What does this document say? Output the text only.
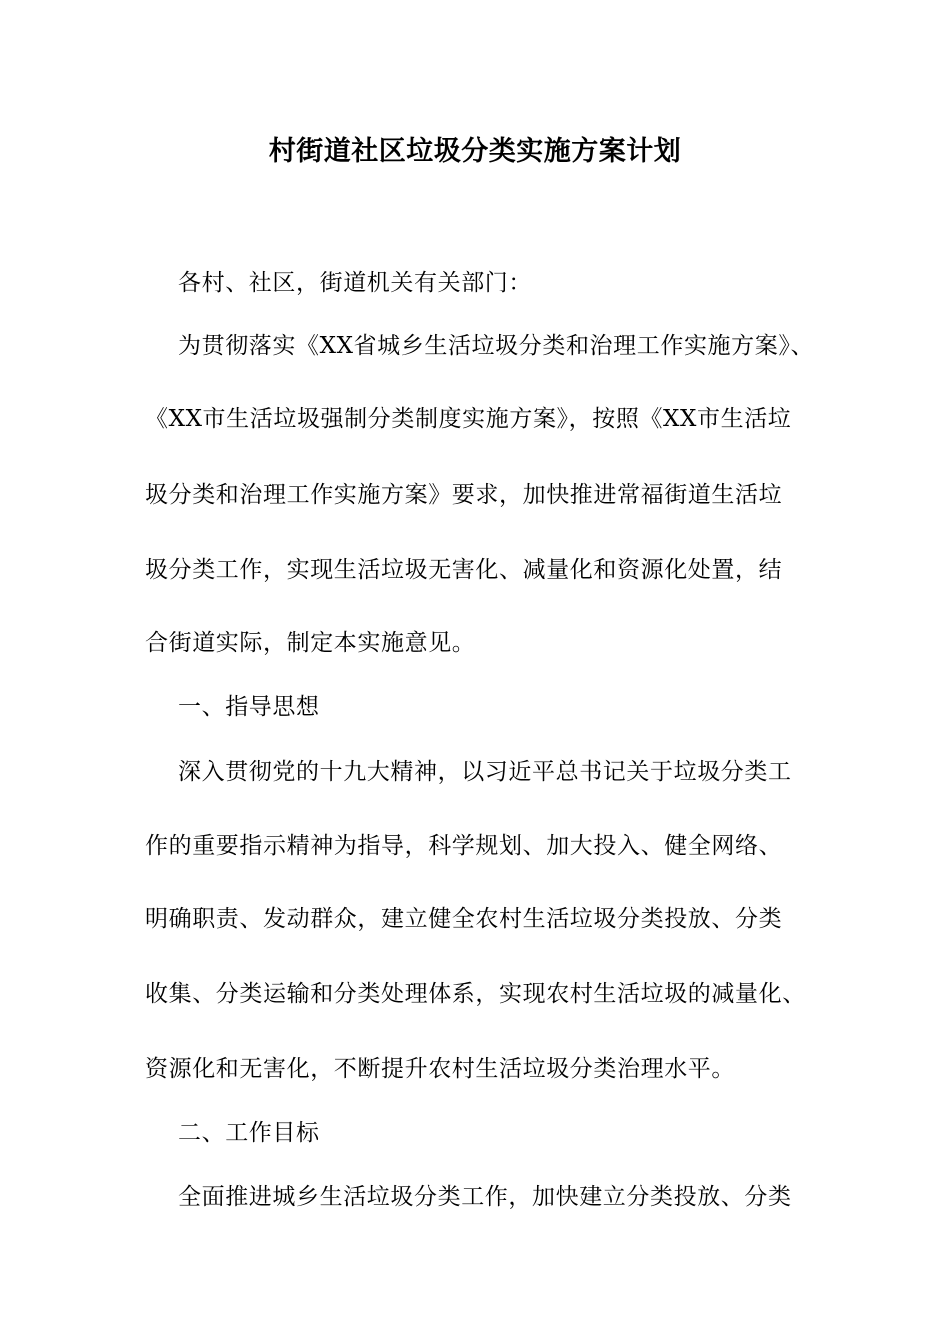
村街道社区垃圾分类实施方案计划
各村、社区，街道机关有关部门：
为贯彻落实《XX省城乡生活垃圾分类和治理工作实施方案》、
《XX市生活垃圾强制分类制度实施方案》，按照《XX市生活垃
圾分类和治理工作实施方案》要求，加快推进常福街道生活垃
圾分类工作，实现生活垃圾无害化、减量化和资源化处置，结
合街道实际，制定本实施意见。
一、指导思想
深入贯彻党的十九大精神，以习近平总书记关于垃圾分类工
作的重要指示精神为指导，科学规划、加大投入、健全网络、
明确职责、发动群众，建立健全农村生活垃圾分类投放、分类
收集、分类运输和分类处理体系，实现农村生活垃圾的减量化、
资源化和无害化，不断提升农村生活垃圾分类治理水平。
二、工作目标
全面推进城乡生活垃圾分类工作，加快建立分类投放、分类
